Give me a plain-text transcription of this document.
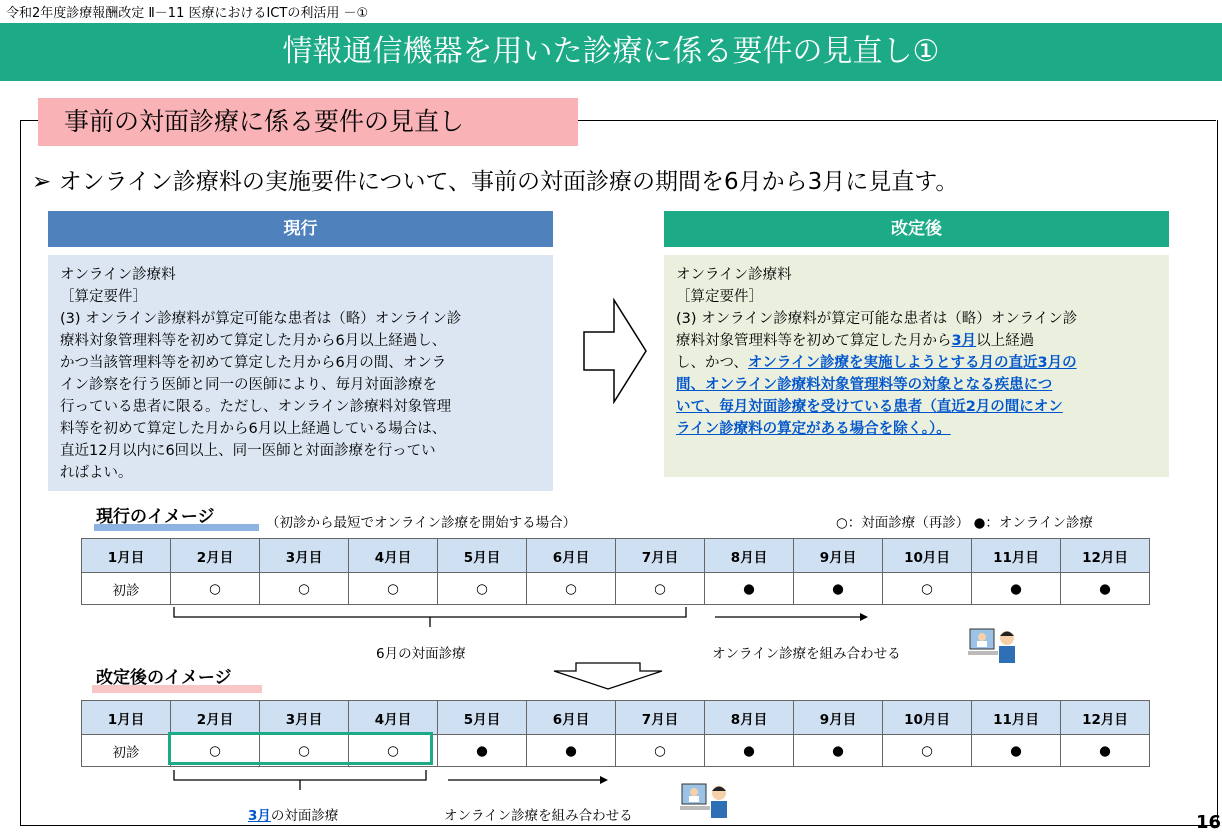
令和2年度診療報酬改定 Ⅱ－11 医療におけるICTの利活用 －①
情報通信機器を用いた診療に係る要件の見直し①
事前の対面診療に係る要件の見直し
➢ オンライン診療料の実施要件について、事前の対面診療の期間を6月から3月に見直す。
現行
オンライン診療料
［算定要件］
(3) オンライン診療料が算定可能な患者は（略）オンライン診
療料対象管理料等を初めて算定した月から6月以上経過し、
かつ当該管理料等を初めて算定した月から6月の間、オンラ
イン診察を行う医師と同一の医師により、毎月対面診療を
行っている患者に限る。ただし、オンライン診療料対象管理
料等を初めて算定した月から6月以上経過している場合は、
直近12月以内に6回以上、同一医師と対面診療を行ってい
ればよい。
改定後
オンライン診療料
［算定要件］
(3) オンライン診療料が算定可能な患者は（略）オンライン診
療料対象管理料等を初めて算定した月から3月以上経過
し、かつ、オンライン診療を実施しようとする月の直近3月の
間、オンライン診療料対象管理料等の対象となる疾患につ
いて、毎月対面診療を受けている患者（直近2月の間にオン
ライン診療料の算定がある場合を除く。）。
現行のイメージ	（初診から最短でオンライン診療を開始する場合）	○：対面診療（再診） ●：オンライン診療
1月目	2月目	3月目	4月目	5月目	6月目	7月目	8月目	9月目	10月目	11月目	12月目
初診	○	○	○	○	○	○	●	●	○	●	●
6月の対面診療	オンライン診療を組み合わせる
改定後のイメージ
1月目	2月目	3月目	4月目	5月目	6月目	7月目	8月目	9月目	10月目	11月目	12月目
初診	○	○	○	●	●	○	●	●	○	●	●
3月の対面診療	オンライン診療を組み合わせる	16
